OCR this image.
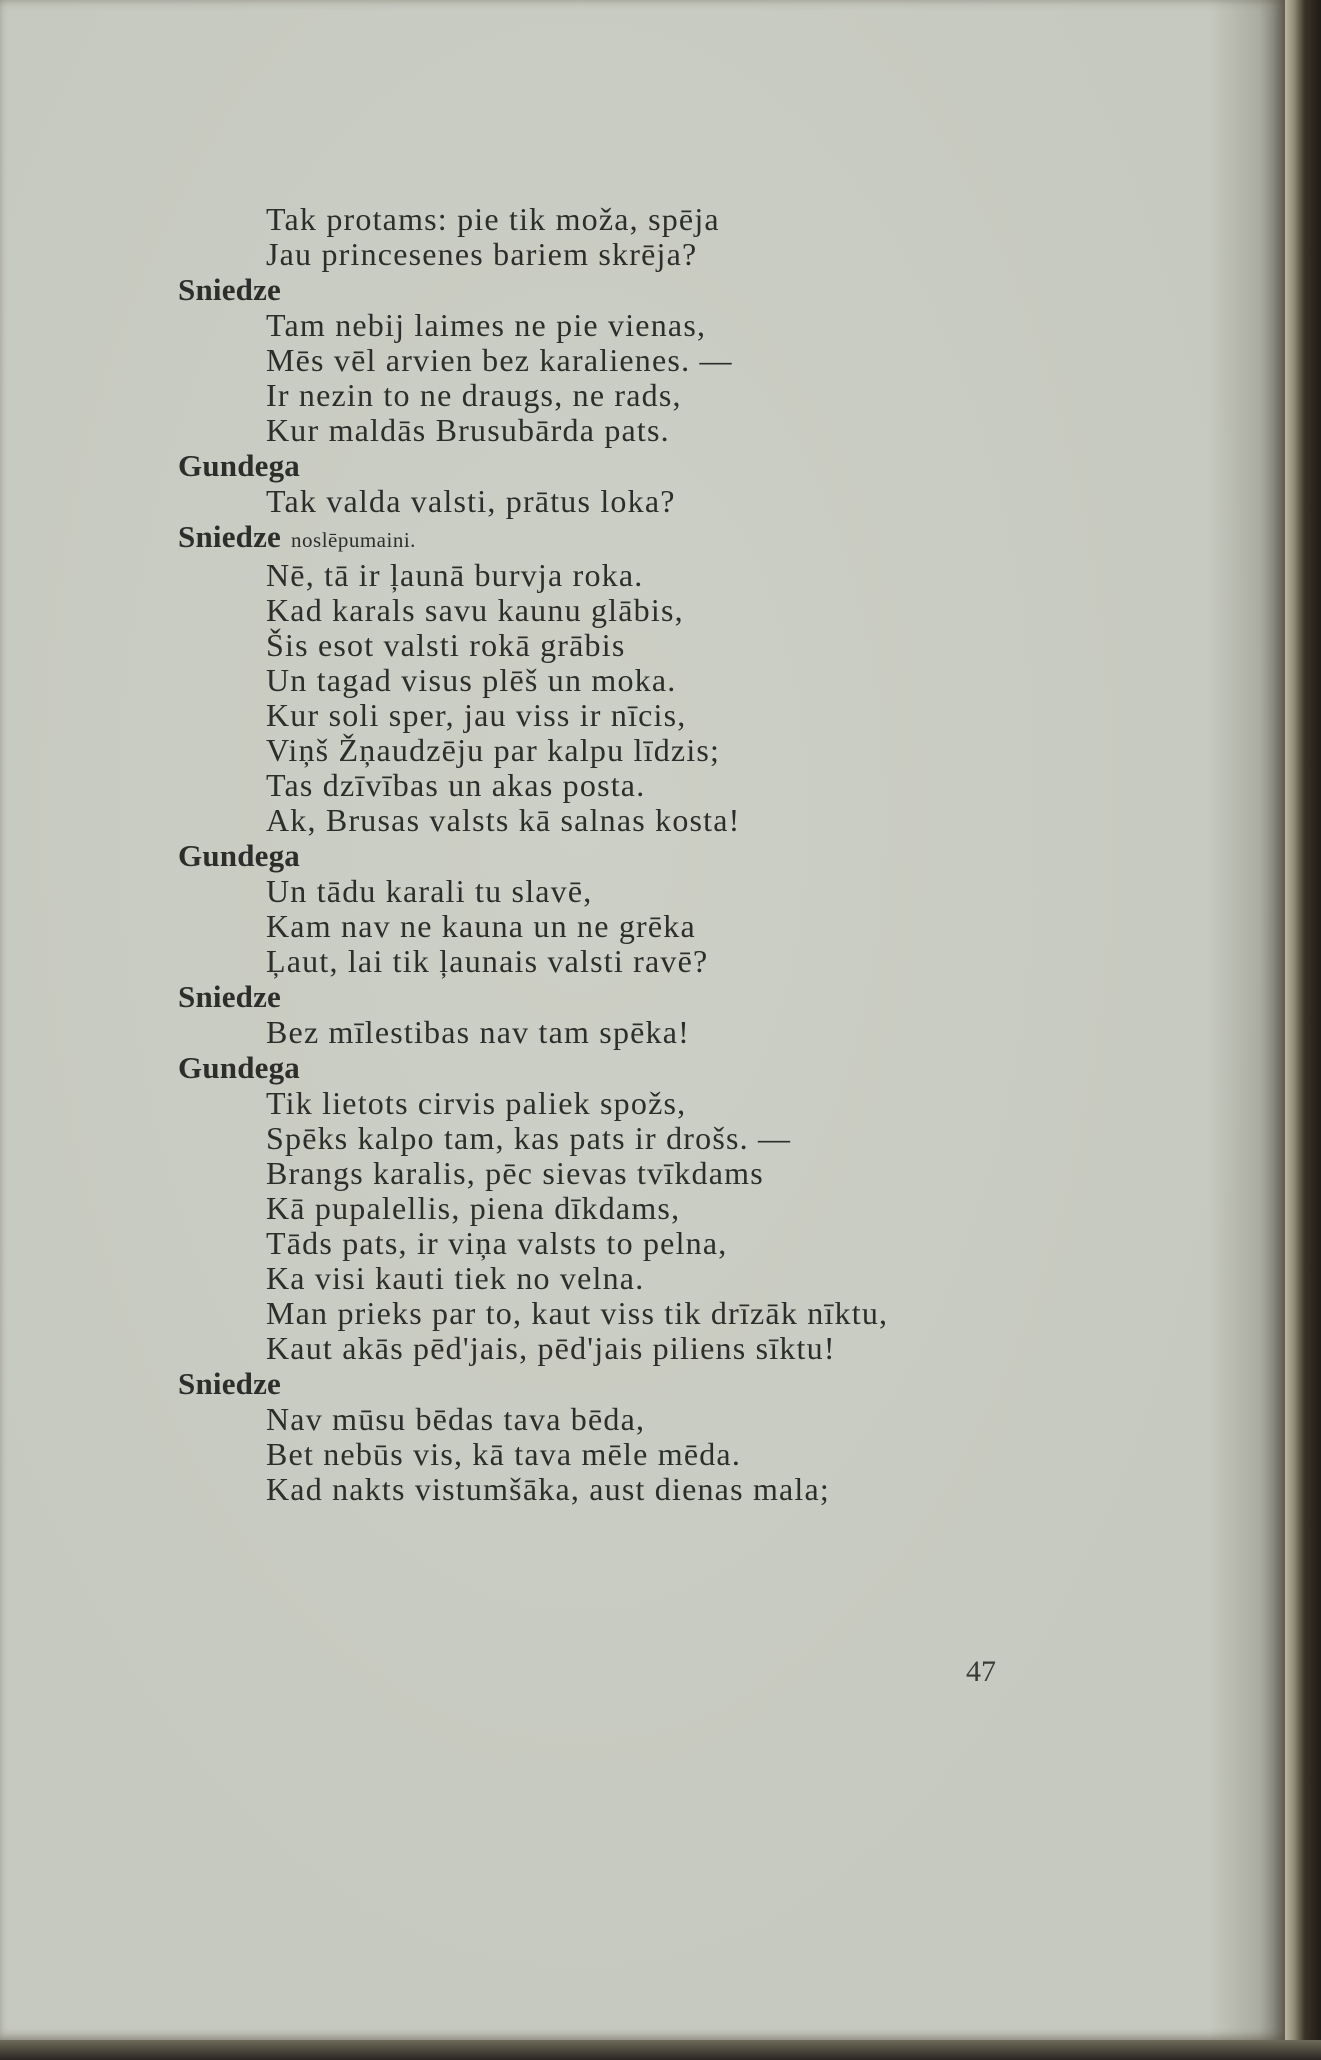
Tak protams: pie tik moža, spēja
Jau princesenes bariem skrēja?
Sniedze
Tam nebij laimes ne pie vienas,
Mēs vēl arvien bez karalienes. —
Ir nezin to ne draugs, ne rads,
Kur maldās Brusubārda pats.
Gundega
Tak valda valsti, prātus loka?
Sniedze noslēpumaini.
Nē, tā ir ļaunā burvja roka.
Kad karals savu kaunu glābis,
Šis esot valsti rokā grābis
Un tagad visus plēš un moka.
Kur soli sper, jau viss ir nīcis,
Viņš Žņaudzēju par kalpu līdzis;
Tas dzīvības un akas posta.
Ak, Brusas valsts kā salnas kosta!
Gundega
Un tādu karali tu slavē,
Kam nav ne kauna un ne grēka
Ļaut, lai tik ļaunais valsti ravē?
Sniedze
Bez mīlestibas nav tam spēka!
Gundega
Tik lietots cirvis paliek spožs,
Spēks kalpo tam, kas pats ir drošs. —
Brangs karalis, pēc sievas tvīkdams
Kā pupalellis, piena dīkdams,
Tāds pats, ir viņa valsts to pelna,
Ka visi kauti tiek no velna.
Man prieks par to, kaut viss tik drīzāk nīktu,
Kaut akās pēd'jais, pēd'jais piliens sīktu!
Sniedze
Nav mūsu bēdas tava bēda,
Bet nebūs vis, kā tava mēle mēda.
Kad nakts vistumšāka, aust dienas mala;
47
